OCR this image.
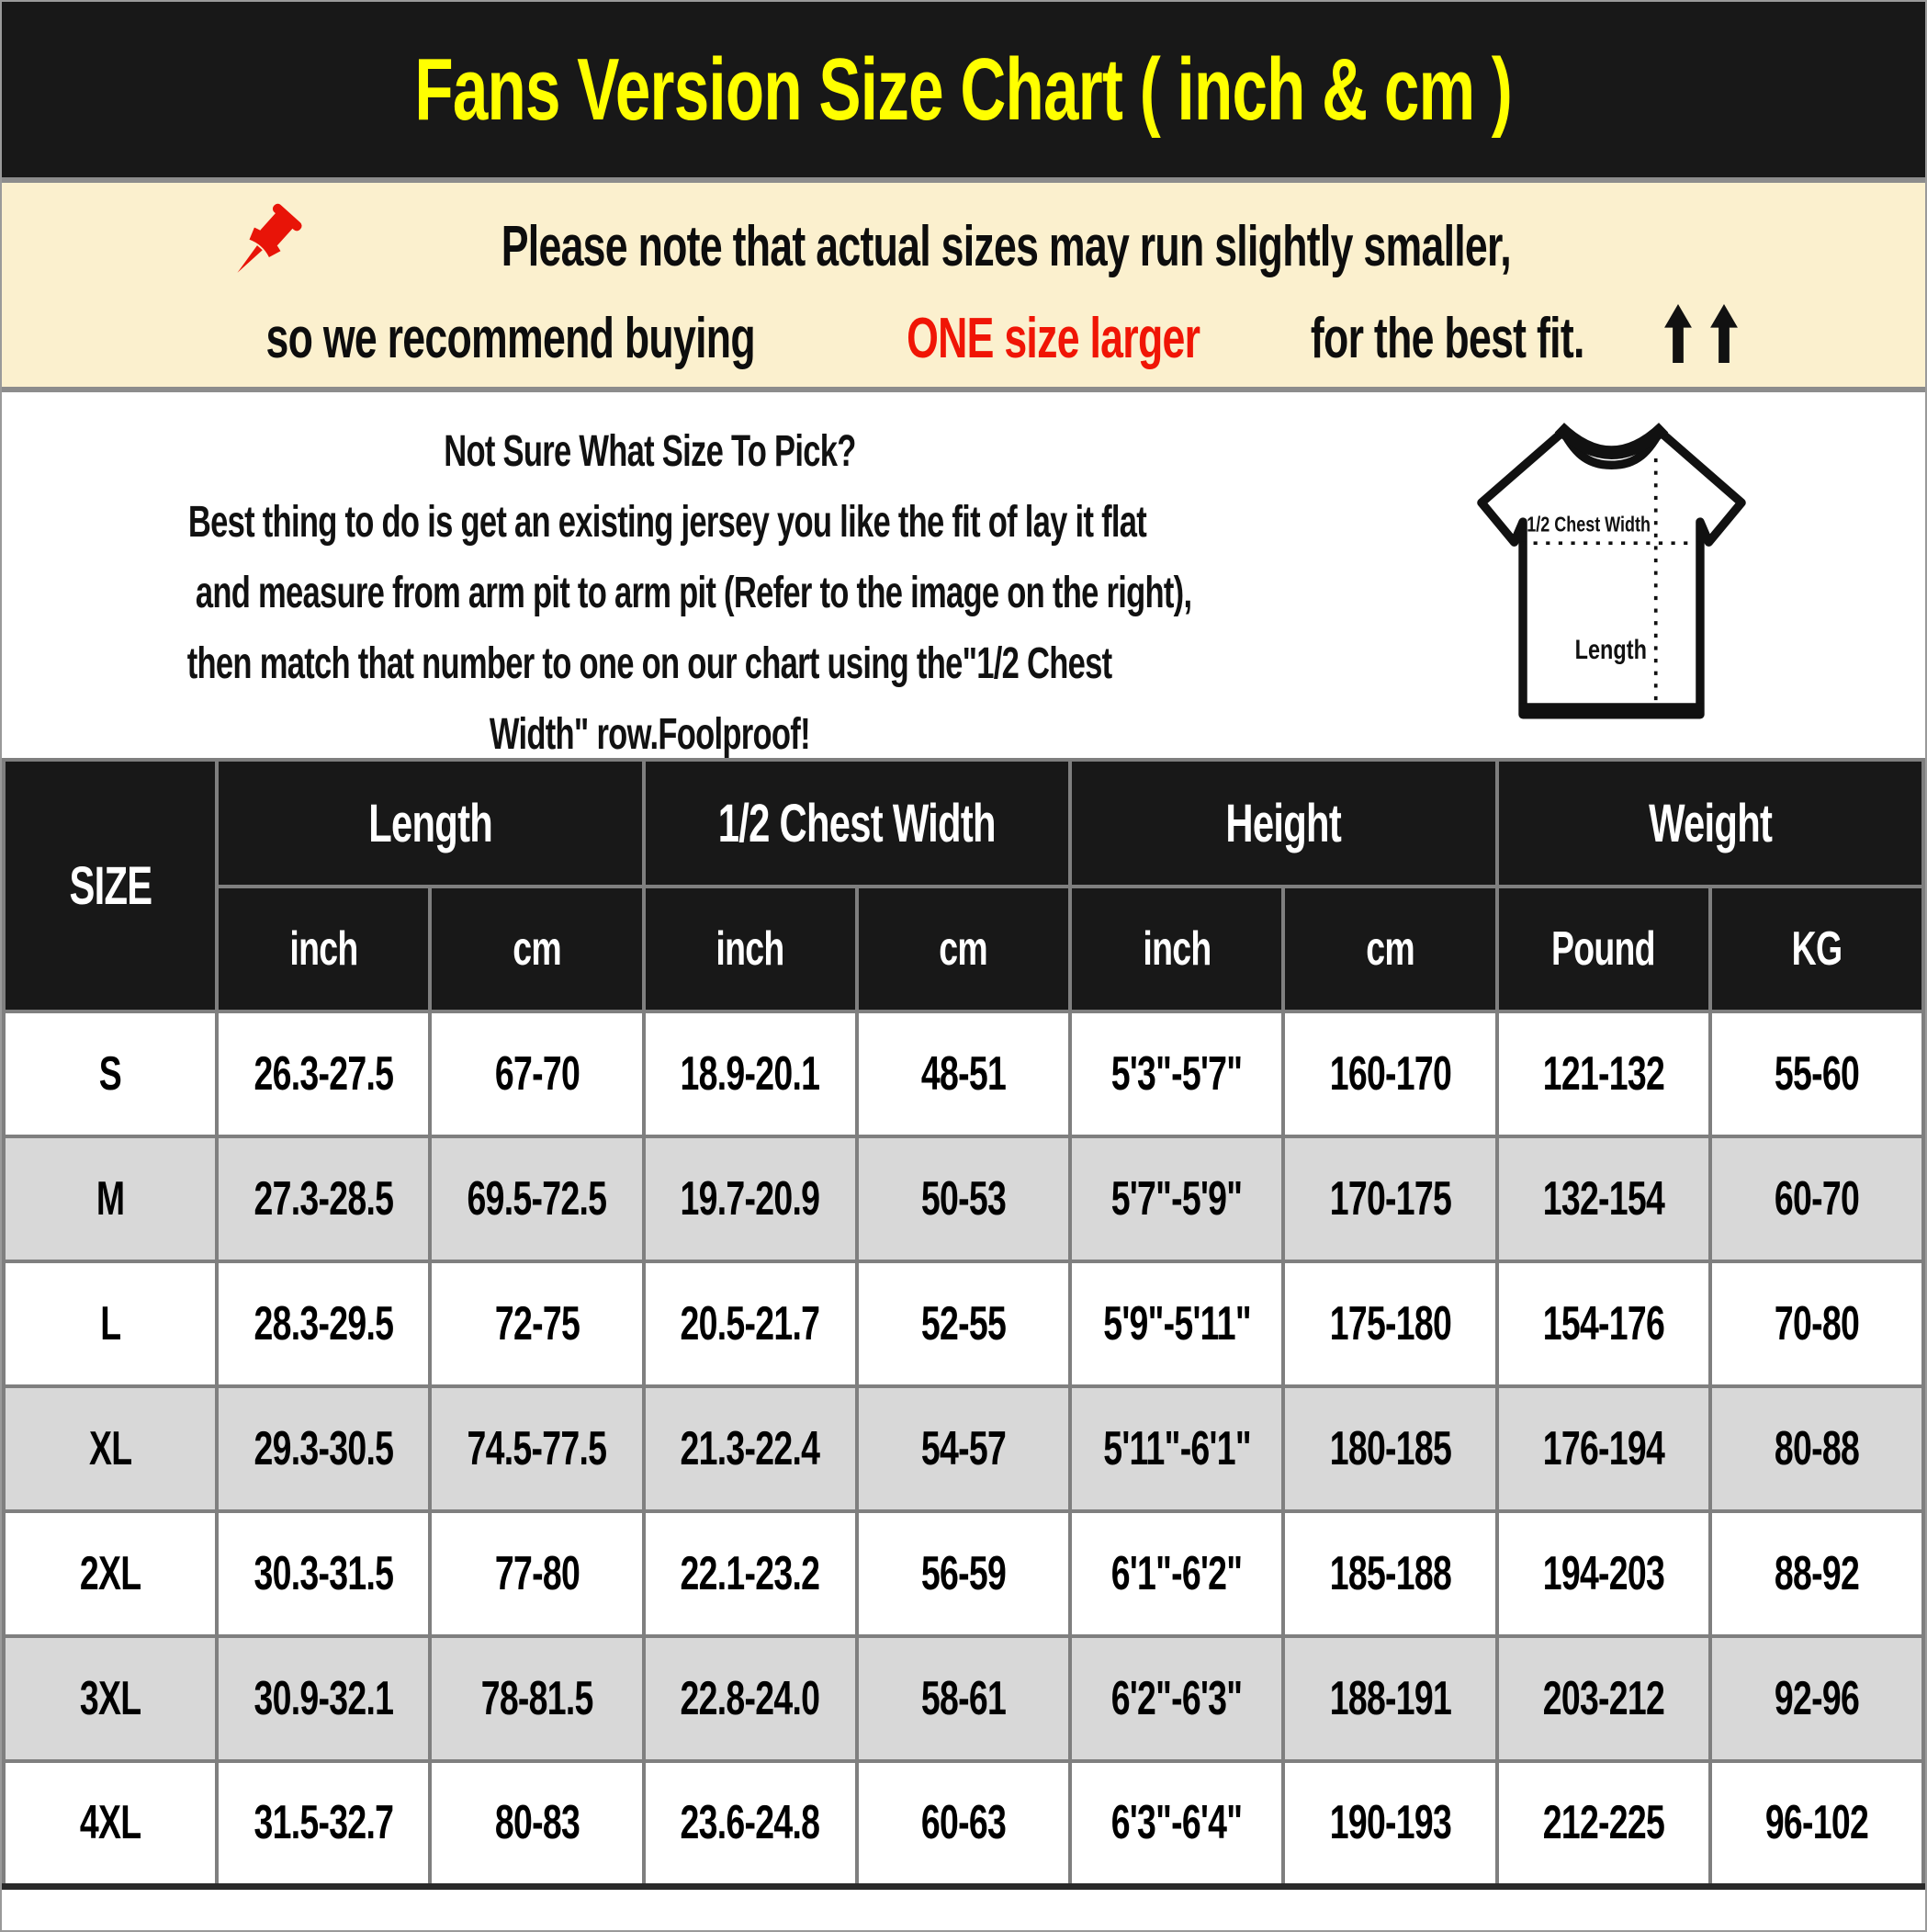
Fans Version Size Chart ( inch & cm )
Please note that actual sizes may run slightly smaller,
so we recommend buying	ONE size largerfor the best fit.
Not Sure What Size To Pick?
Best thing to do is get an existing jersey you like the fit of lay it flat
and measure from arm pit to arm pit (Refer to the image on the right),
then match that number to one on our chart using the"1/2 Chest
Width" row.Foolproof!
1/2 Chest Width
Length
SIZE	Length		1/2 Chest Width		Height		Weight	
	inch	cm	inch	cm	inch	cm	Pound	KG
S	26.3-27.5	67-70	18.9-20.1	48-51	5'3"-5'7"	160-170	121-132	55-60
M	27.3-28.5	69.5-72.5	19.7-20.9	50-53	5'7"-5'9"	170-175	132-154	60-70
L	28.3-29.5	72-75	20.5-21.7	52-55	5'9"-5'11"	175-180	154-176	70-80
XL	29.3-30.5	74.5-77.5	21.3-22.4	54-57	5'11"-6'1"	180-185	176-194	80-88
2XL	30.3-31.5	77-80	22.1-23.2	56-59	6'1"-6'2"	185-188	194-203	88-92
3XL	30.9-32.1	78-81.5	22.8-24.0	58-61	6'2"-6'3"	188-191	203-212	92-96
4XL	31.5-32.7	80-83	23.6-24.8	60-63	6'3"-6'4"	190-193	212-225	96-102
